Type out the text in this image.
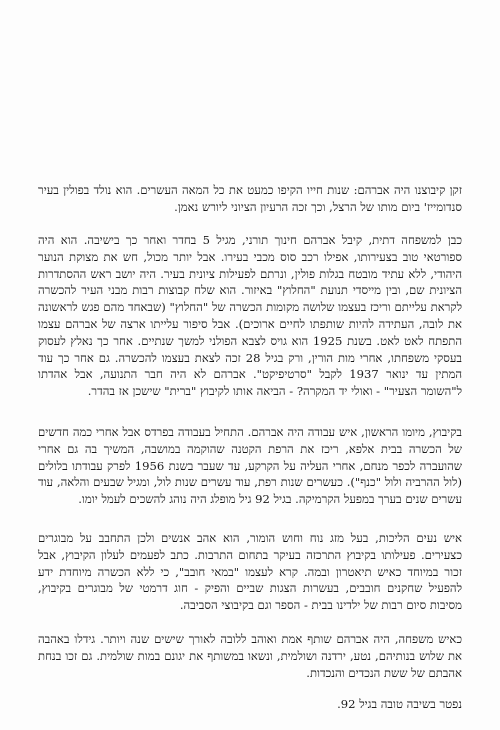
זקן קיבוצנו היה אברהם: שנות חייו הקיפו כמעט את כל המאה העשרים. הוא נולד בפולין בעיר סנדומייז' ביום מותו של הרצל, וכך זכה הרעיון הציוני ליורש נאמן.

כבן למשפחה דתית, קיבל אברהם חינוך תורני, מגיל 5 בחדר ואחר כך בישיבה. הוא היה ספורטאי טוב בצעירותו, אפילו רכב סוס מכבי בעירו. אבל יותר מכול, חש את מצוקת הנוער היהודי, ללא עתיד מובטח בגלות פולין, ונרתם לפעילות ציונית בעיר. היה יושב ראש ההסתדרות הציונית שם, ובין מייסדי תנועת "החלוץ" באיזור. הוא שלח קבוצות רבות מבני העיר להכשרה לקראת עלייתם וריכז בעצמו שלושה מקומות הכשרה של "החלוץ" (שבאחד מהם פגש לראשונה את לובה, העתידה להיות שותפתו לחיים ארוכים). אבל סיפור עלייתו ארצה של אברהם עצמו התפתח לאט לאט. בשנת 1925 הוא גויס לצבא הפולני למשך שנתיים. אחר כך נאלץ לעסוק בעסקי משפחתו, אחרי מות הורין, ורק בגיל 28 זכה לצאת בעצמו להכשרה. גם אחר כך עוד המתין עד ינואר 1937 לקבל "סרטיפיקט". אברהם לא היה חבר התנועה, אבל אהדתו ל"השומר הצעיר" - ואולי יד המקרה? - הביאה אותו לקיבוץ "ברית" שישכן אז בהדר.

בקיבוץ, מיומו הראשון, איש עבודה היה אברהם. התחיל בעבודה בפרדס אבל אחרי כמה חדשים של הכשרה בבית אלפא, ריכז את הרפת הקטנה שהוקמה במושבה, המשיך בה גם אחרי שהועברה לכפר מנחם, אחרי העליה על הקרקע, עד שעבר בשנת 1956 לפרק עבודתו בלולים (לול ההרביה ולול "כנף"). כעשרים שנות רפת, עוד עשרים שנות לול, ומגיל שבעים והלאה, עוד עשרים שנים בערך במפעל הקרמיקה. בגיל 92 גיל מופלג היה נוהג להשכים לעמל יומו.

איש נעים הליכות, בעל מזג נוח וחוש הומור, הוא אהב אנשים ולכן התחבב על מבוגרים כצעירים. פעילותו בקיבוץ התרכזה בעיקר בתחום התרבות. כתב לפעמים לעלון הקיבוץ, אבל זכור במיוחד כאיש תיאטרון ובמה. קרא לעצמו "במאי חובב", כי ללא הכשרה מיוחדת ידע להפעיל שחקנים חובבים, בעשרות הצגות שביים והפיק - חוג דרמטי של מבוגרים בקיבוץ, מסיבות סיום רבות של ילדינו בבית - הספר וגם בקיבוצי הסביבה.

כאיש משפחה, היה אברהם שותף אמת ואוהב ללובה לאורך שישים שנה ויותר. גידלו באהבה את שלוש בנותיהם, נטע, ירדנה ושולמית, ונשאו במשותף את יגונם במות שולמית. גם זכו בנחת אהבתם של ששת הנכדים והנכדות.

נפטר בשיבה טובה בגיל 92.
